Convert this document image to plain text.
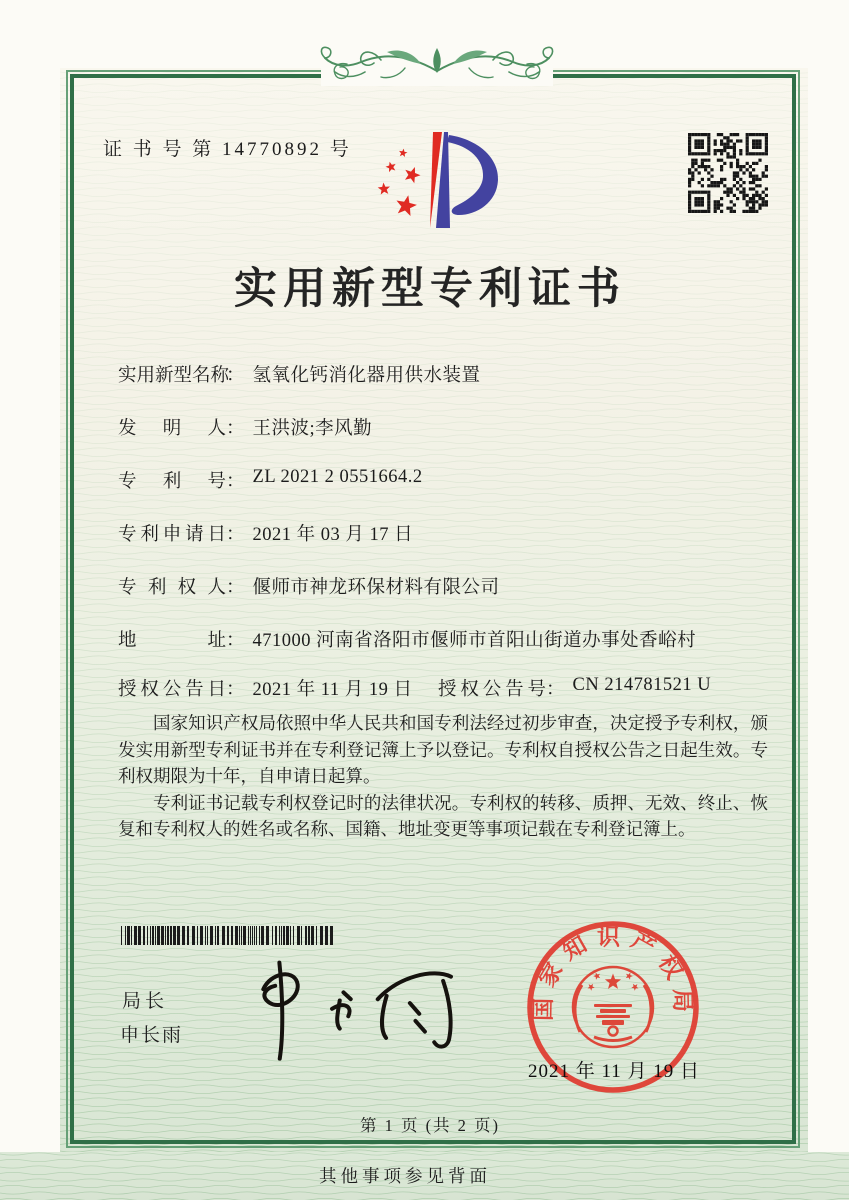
证 书 号 第 14770892 号
实用新型专利证书
实用新型名称： 氢氧化钙消化器用供水装置
发明人： 王洪波;李风勤
专利号： ZL 2021 2 0551664.2
专利申请日： 2021 年 03 月 17 日
专利权人： 偃师市神龙环保材料有限公司
地址： 471000 河南省洛阳市偃师市首阳山街道办事处香峪村
授权公告日： 2021 年 11 月 19 日 授权公告号： CN 214781521 U

国家知识产权局依照中华人民共和国专利法经过初步审查，决定授予专利权，颁发实用新型专利证书并在专利登记簿上予以登记。专利权自授权公告之日起生效。专利权期限为十年，自申请日起算。

专利证书记载专利权登记时的法律状况。专利权的转移、质押、无效、终止、恢复和专利权人的姓名或名称、国籍、地址变更等事项记载在专利登记簿上。

局长
申长雨
国家知识产权局
2021 年 11 月 19 日
第 1 页 (共 2 页)
其他事项参见背面
